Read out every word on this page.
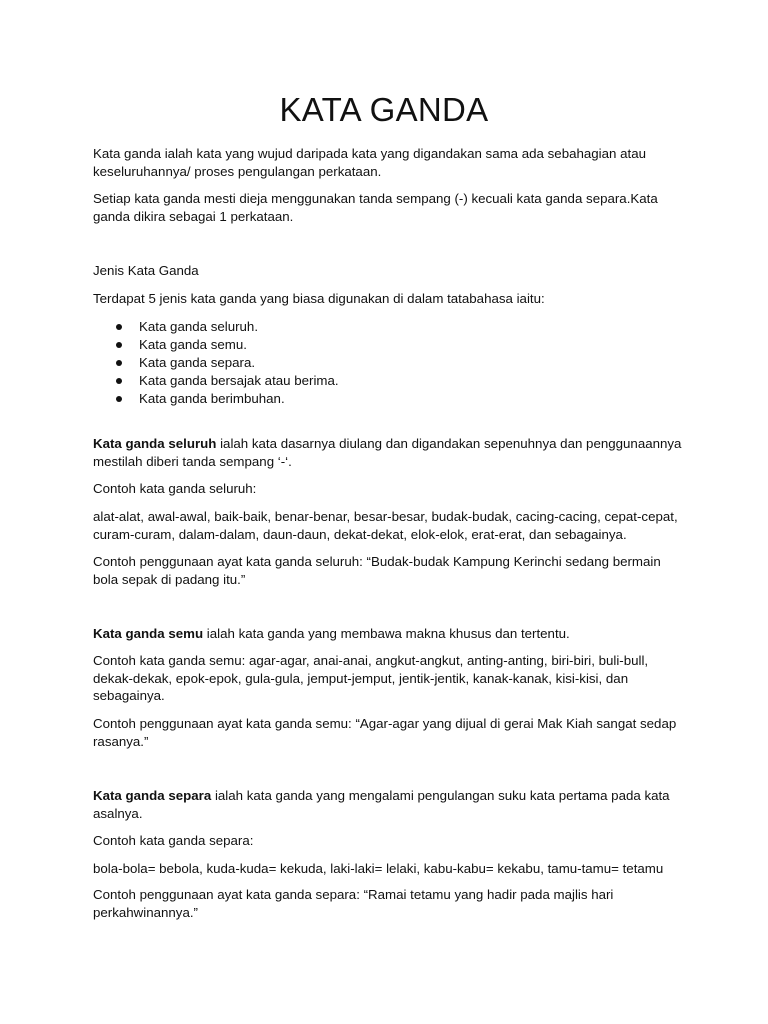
KATA GANDA

Kata ganda ialah kata yang wujud daripada kata yang digandakan sama ada sebahagian atau keseluruhannya/ proses pengulangan perkataan.

Setiap kata ganda mesti dieja menggunakan tanda sempang (-) kecuali kata ganda separa.Kata ganda dikira sebagai 1 perkataan.

Jenis Kata Ganda

Terdapat 5 jenis kata ganda yang biasa digunakan di dalam tatabahasa iaitu:

Kata ganda seluruh.
Kata ganda semu.
Kata ganda separa.
Kata ganda bersajak atau berima.
Kata ganda berimbuhan.

Kata ganda seluruh ialah kata dasarnya diulang dan digandakan sepenuhnya dan penggunaannya mestilah diberi tanda sempang ‘-‘.

Contoh kata ganda seluruh:

alat-alat, awal-awal, baik-baik, benar-benar, besar-besar, budak-budak, cacing-cacing, cepat-cepat, curam-curam, dalam-dalam, daun-daun, dekat-dekat, elok-elok, erat-erat, dan sebagainya.

Contoh penggunaan ayat kata ganda seluruh: “Budak-budak Kampung Kerinchi sedang bermain bola sepak di padang itu.”

Kata ganda semu ialah kata ganda yang membawa makna khusus dan tertentu.

Contoh kata ganda semu: agar-agar, anai-anai, angkut-angkut, anting-anting, biri-biri, buli-bull, dekak-dekak, epok-epok, gula-gula, jemput-jemput, jentik-jentik, kanak-kanak, kisi-kisi, dan sebagainya.

Contoh penggunaan ayat kata ganda semu: “Agar-agar yang dijual di gerai Mak Kiah sangat sedap rasanya.”

Kata ganda separa ialah kata ganda yang mengalami pengulangan suku kata pertama pada kata asalnya.

Contoh kata ganda separa:

bola-bola= bebola, kuda-kuda= kekuda, laki-laki= lelaki, kabu-kabu= kekabu, tamu-tamu= tetamu

Contoh penggunaan ayat kata ganda separa: “Ramai tetamu yang hadir pada majlis hari perkahwinannya.”
